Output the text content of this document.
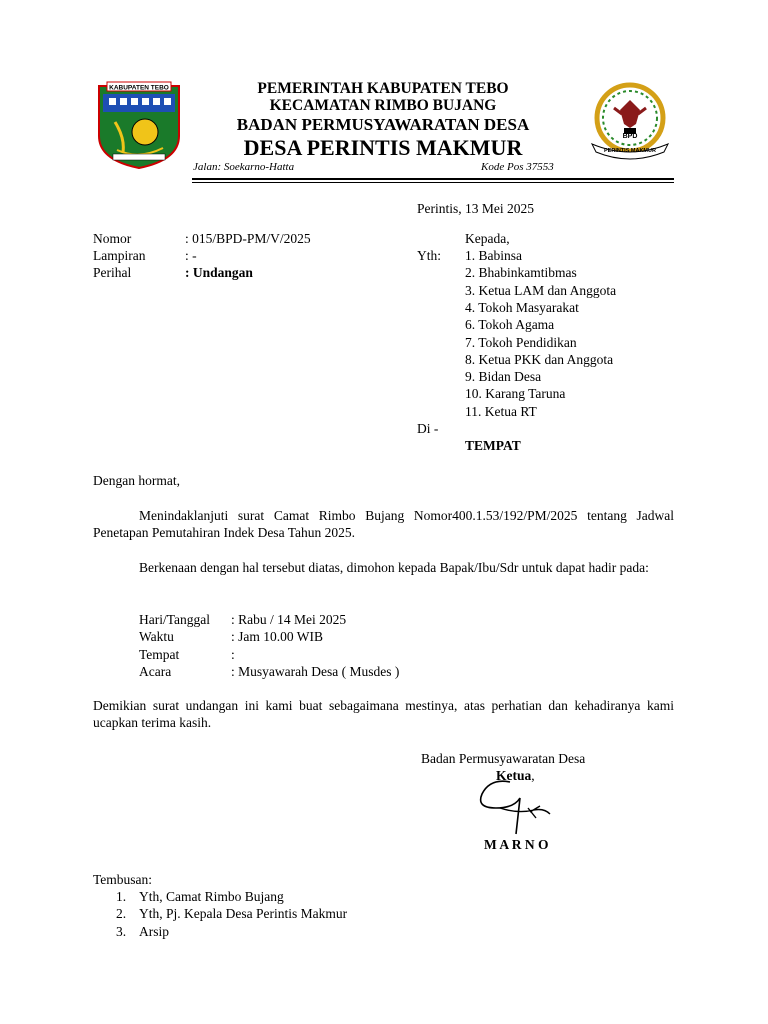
KABUPATEN TEBO
BPD
PERINTIS MAKMUR
PEMERINTAH KABUPATEN TEBO
KECAMATAN RIMBO BUJANG
BADAN PERMUSYAWARATAN DESA
DESA PERINTIS MAKMUR
Jalan: Soekarno-Hatta	Kode Pos 37553
Perintis, 13 Mei 2025
Nomor	: 015/BPD-PM/V/2025
Lampiran	: -
Perihal	: Undangan
Kepada,
Yth: 1. Babinsa
2. Bhabinkamtibmas
3. Ketua LAM dan Anggota
4. Tokoh Masyarakat
6. Tokoh Agama
7. Tokoh Pendidikan
8. Ketua PKK dan Anggota
9. Bidan Desa
10. Karang Taruna
11. Ketua RT
Di -
TEMPAT
Dengan hormat,
Menindaklanjuti surat Camat Rimbo Bujang Nomor400.1.53/192/PM/2025 tentang Jadwal Penetapan Pemutahiran Indek Desa Tahun 2025.
Berkenaan dengan hal tersebut diatas, dimohon kepada Bapak/Ibu/Sdr untuk dapat hadir pada:
Hari/Tanggal : Rabu / 14 Mei 2025
Waktu	: Jam 10.00 WIB
Tempat	:
Acara	: Musyawarah Desa ( Musdes )
Demikian surat undangan ini kami buat sebagaimana mestinya, atas perhatian dan kehadiranya kami ucapkan terima kasih.
Badan Permusyawaratan Desa
Ketua,
M A R N O
Tembusan:
1. Yth, Camat Rimbo Bujang
2. Yth, Pj. Kepala Desa Perintis Makmur
3. Arsip
